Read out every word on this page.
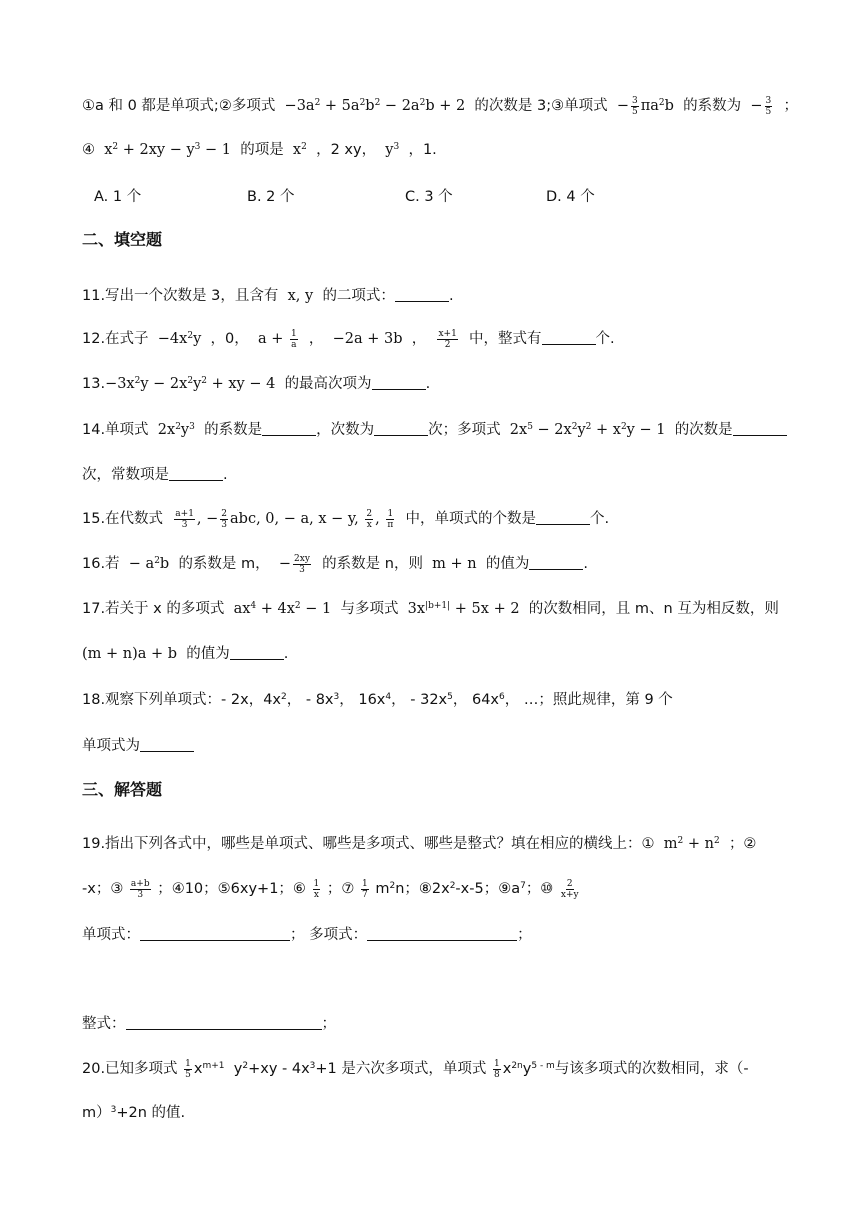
①a 和 0 都是单项式;②多项式  $-3a^2 + 5a^2b^2 - 2a^2b + 2$  的次数是 3;③单项式  − $\frac{3}{5} \pi a^2b$  的系数为  − $\frac{3}{5}$ ；
④  $x^2 + 2xy - y^3 - 1$  的项是  $x^2$ ，2 xy，  $y^3$ ，1.
A. 1 个	B. 2 个	C. 3 个	D. 4 个
二、填空题
11.写出一个次数是 3，且含有  x, y  的二项式：	.
12.在式子  $-4x^2y$  ，0，  $a + \frac{1}{a}$ ，  −2a + 3b  ， $\frac{x+1}{2}$ 中，整式有	个.
$13.-3x^2y - 2x^2y^2$ + xy − 4  的最高次项为	.
14.单项式  $2x^2y^3$ 的系数是	，次数为	次；多项式  $2x^5 - 2x^2y^2 + x^2y - 1$  的次数是
次，常数项是	.
15.在代数式 $\frac{a+1}{3}$ , − $\frac{2}{3}$ abc, 0, − a, x − y, $\frac{2}{x}$ , $\frac{1}{\pi}$ 中，单项式的个数是	个.
16.若  − $a^2b$  的系数是 m，  − $\frac{2xy}{3}$ 的系数是 n，则  m + n  的值为	.
17.若关于 x 的多项式  $ax^4 + 4x^2 - 1$  与多项式  $3x^{|b+1|} + 5x + 2$  的次数相同，且 m、n 互为相反数，则
(m + n)a + b  的值为	.
18.观察下列单项式：- 2x，$4x^2$， - $8x^3$， $16x^4$， - $32x^5$， $64x^6$， …；照此规律，第 9 个
单项式为
三、解答题
19.指出下列各式中，哪些是单项式、哪些是多项式、哪些是整式？填在相应的横线上：①  $m^2 + n^2$ ；②
-x；③ $\frac{a+b}{3}$ ；④10；⑤6xy+1；⑥ $\frac{1}{x}$ ；⑦ $\frac{1}{7} m^2n$；$⑧2x^2-x-5$；$⑨a^7$；⑩ $\frac{2}{x+y}$
单项式：	； 多项式：	；
整式：	；
20.已知多项式 $\frac{1}{5} x^{m+1}$ $y^2+xy - 4x^3+1$ 是六次多项式，单项式 $\frac{1}{8} x^{2n}y^{5 - m}$与该多项式的次数相同，求（-
m）$^3$+2n 的值.
